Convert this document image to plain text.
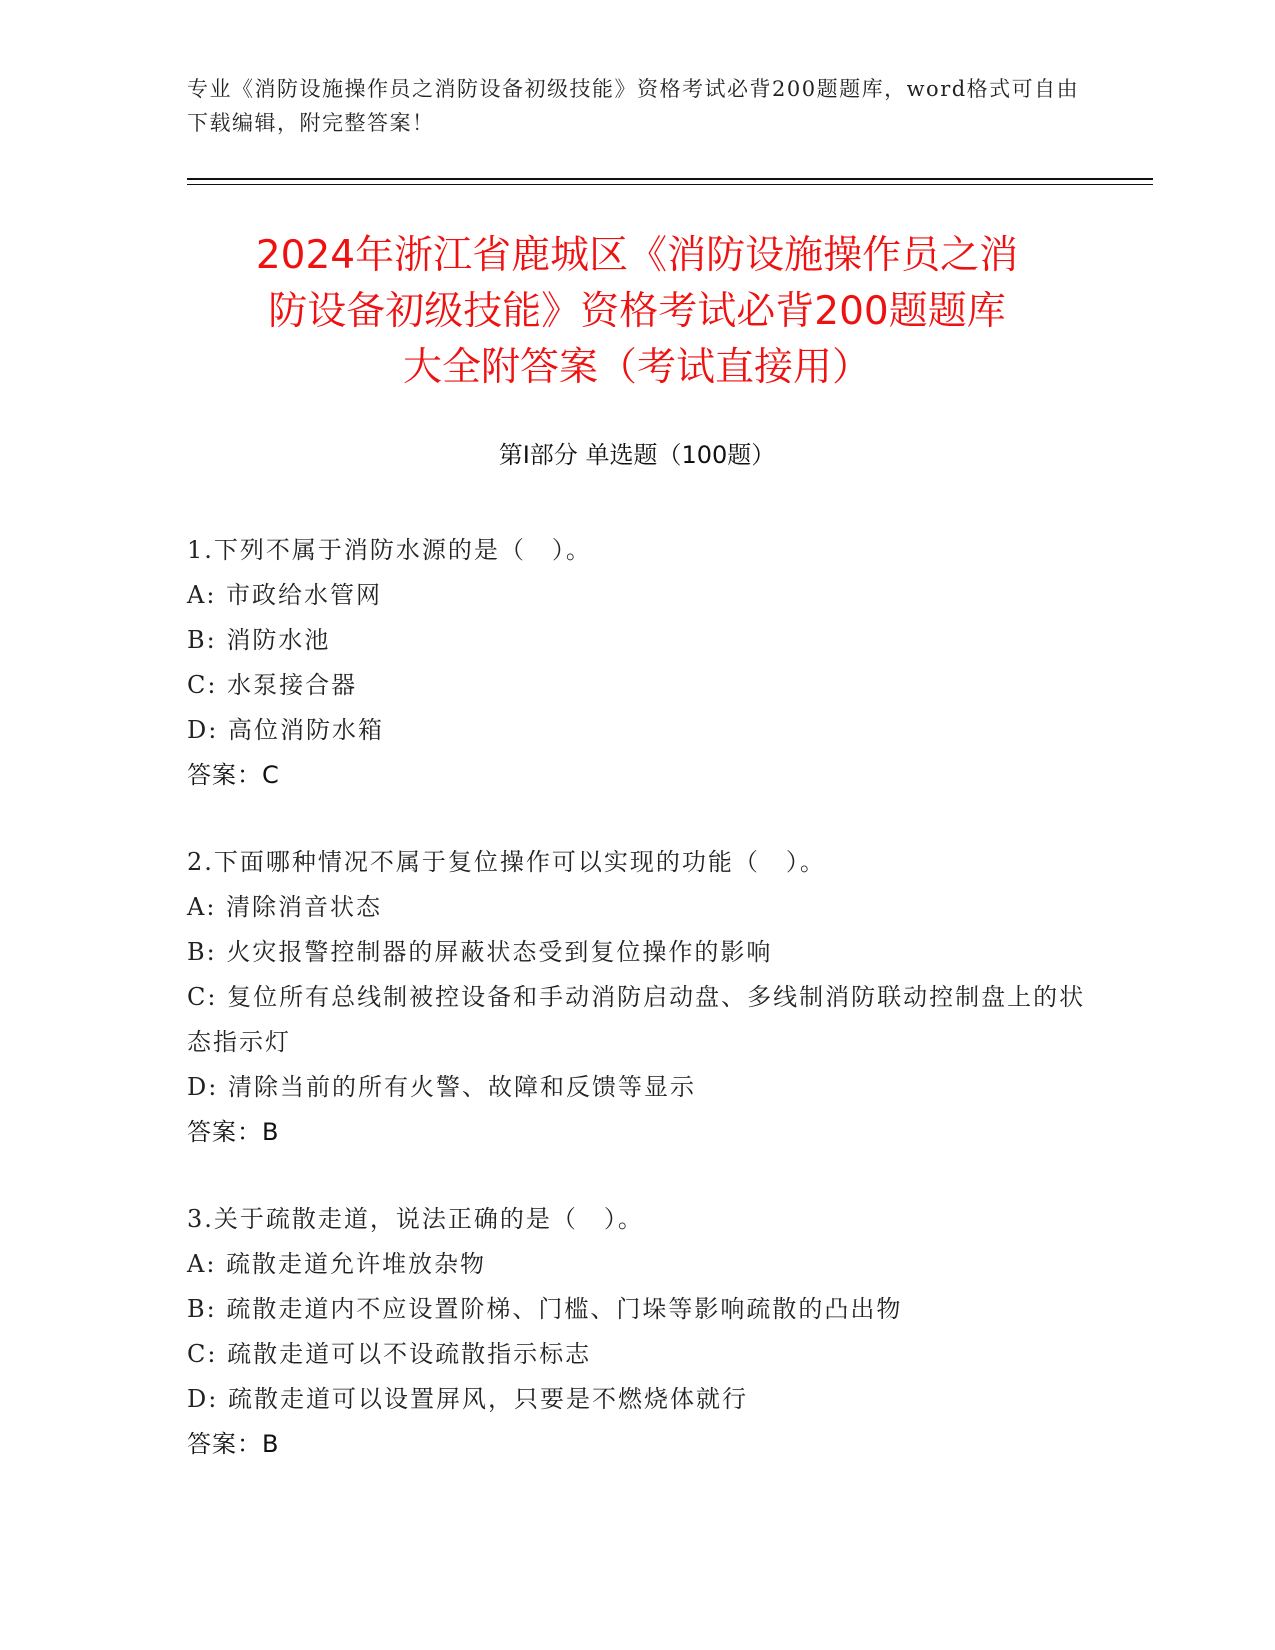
专业《消防设施操作员之消防设备初级技能》资格考试必背200题题库，word格式可自由下载编辑，附完整答案！
2024年浙江省鹿城区《消防设施操作员之消
防设备初级技能》资格考试必背200题题库
大全附答案（考试直接用）
第Ⅰ部分 单选题（100题）
1.下列不属于消防水源的是（　）。
A: 市政给水管网
B: 消防水池
C: 水泵接合器
D: 高位消防水箱
答案：C
2.下面哪种情况不属于复位操作可以实现的功能（　）。
A: 清除消音状态
B: 火灾报警控制器的屏蔽状态受到复位操作的影响
C: 复位所有总线制被控设备和手动消防启动盘、多线制消防联动控制盘上的状态指示灯
D: 清除当前的所有火警、故障和反馈等显示
答案：B
3.关于疏散走道，说法正确的是（　）。
A: 疏散走道允许堆放杂物
B: 疏散走道内不应设置阶梯、门槛、门垛等影响疏散的凸出物
C: 疏散走道可以不设疏散指示标志
D: 疏散走道可以设置屏风，只要是不燃烧体就行
答案：B
